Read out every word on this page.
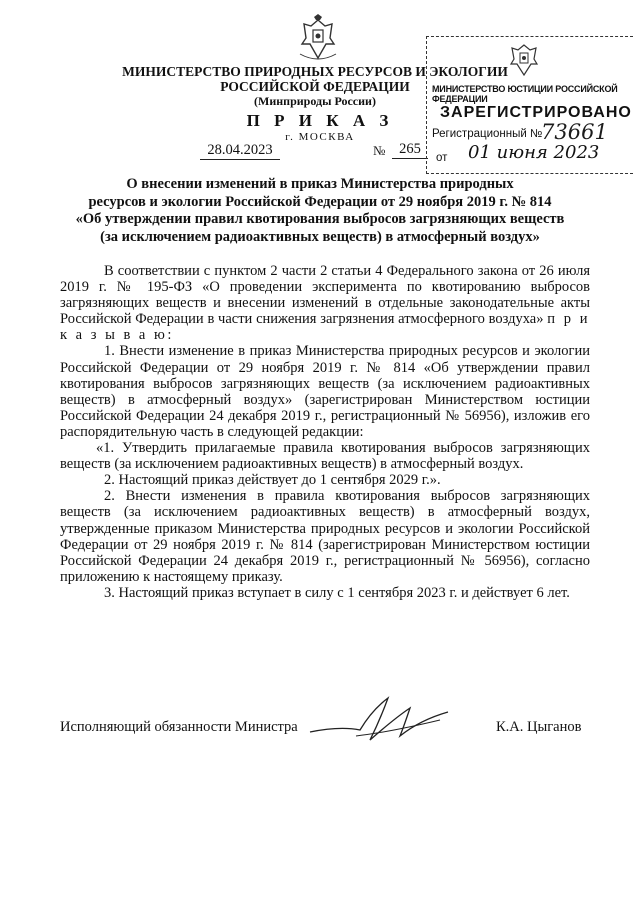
МИНИСТЕРСТВО ПРИРОДНЫХ РЕСУРСОВ И ЭКОЛОГИИ
РОССИЙСКОЙ ФЕДЕРАЦИИ
(Минприроды России)
П Р И К А З
г. МОСКВА
28.04.2023	№ 265
МИНИСТЕРСТВО ЮСТИЦИИ РОССИЙСКОЙ ФЕДЕРАЦИИ
ЗАРЕГИСТРИРОВАНО
Регистрационный №
73661
от 01 июня 2023
О внесении изменений в приказ Министерства природных
ресурсов и экологии Российской Федерации от 29 ноября 2019 г. № 814
«Об утверждении правил квотирования выбросов загрязняющих веществ
(за исключением радиоактивных веществ) в атмосферный воздух»

В соответствии с пунктом 2 части 2 статьи 4 Федерального закона от 26 июля 2019 г. № 195-ФЗ «О проведении эксперимента по квотированию выбросов загрязняющих веществ и внесении изменений в отдельные законодательные акты Российской Федерации в части снижения загрязнения атмосферного воздуха» п р и к а з ы в а ю:

1. Внести изменение в приказ Министерства природных ресурсов и экологии Российской Федерации от 29 ноября 2019 г. № 814 «Об утверждении правил квотирования выбросов загрязняющих веществ (за исключением радиоактивных веществ) в атмосферный воздух» (зарегистрирован Министерством юстиции Российской Федерации 24 декабря 2019 г., регистрационный № 56956), изложив его распорядительную часть в следующей редакции:

«1. Утвердить прилагаемые правила квотирования выбросов загрязняющих веществ (за исключением радиоактивных веществ) в атмосферный воздух.

2. Настоящий приказ действует до 1 сентября 2029 г.».

2. Внести изменения в правила квотирования выбросов загрязняющих веществ (за исключением радиоактивных веществ) в атмосферный воздух, утвержденные приказом Министерства природных ресурсов и экологии Российской Федерации от 29 ноября 2019 г. № 814 (зарегистрирован Министерством юстиции Российской Федерации 24 декабря 2019 г., регистрационный № 56956), согласно приложению к настоящему приказу.

3. Настоящий приказ вступает в силу с 1 сентября 2023 г. и действует 6 лет.

Исполняющий обязанности Министра	К.А. Цыганов
